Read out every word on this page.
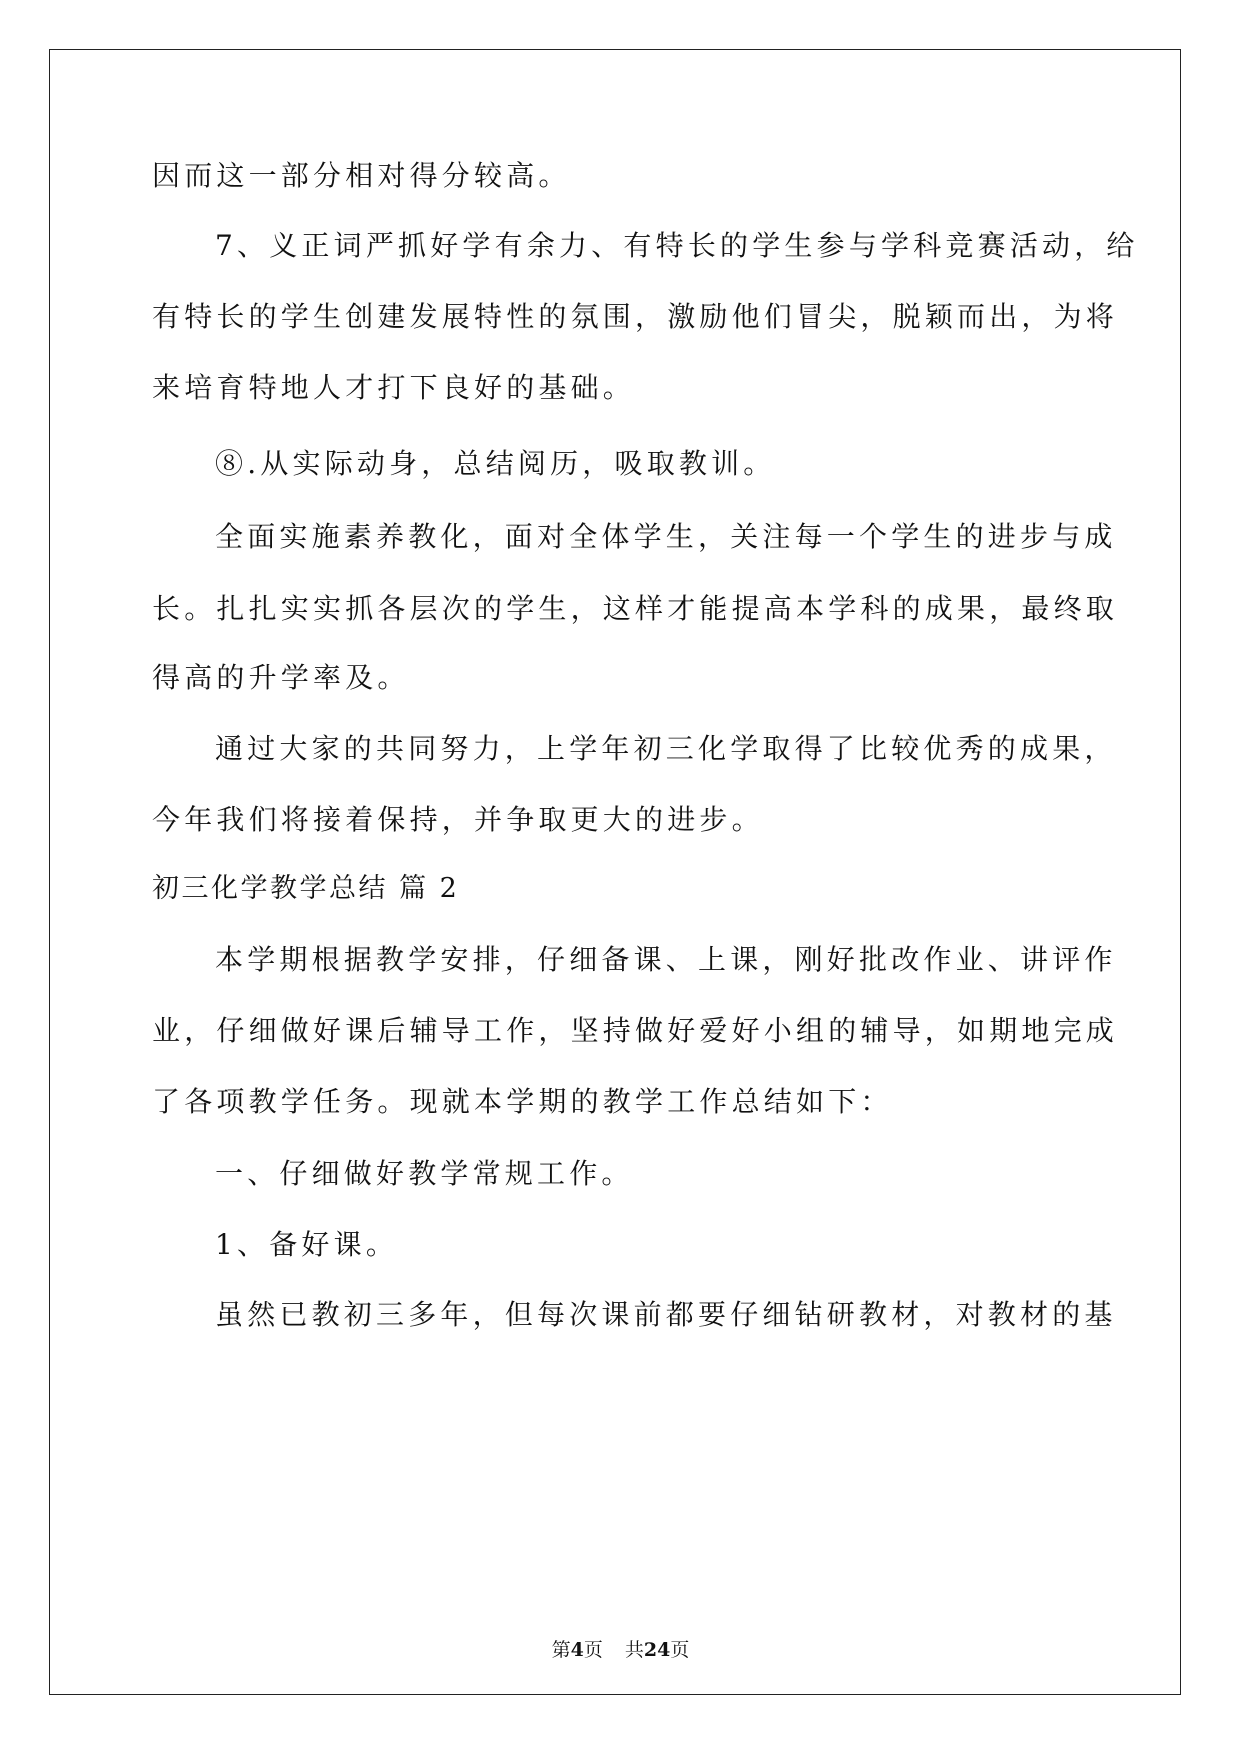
因而这一部分相对得分较高。

7、义正词严抓好学有余力、有特长的学生参与学科竞赛活动，给

有特长的学生创建发展特性的氛围，激励他们冒尖，脱颖而出，为将

来培育特地人才打下良好的基础。

⑧.从实际动身，总结阅历，吸取教训。

全面实施素养教化，面对全体学生，关注每一个学生的进步与成

长。扎扎实实抓各层次的学生，这样才能提高本学科的成果，最终取

得高的升学率及。

通过大家的共同努力，上学年初三化学取得了比较优秀的成果，

今年我们将接着保持，并争取更大的进步。

初三化学教学总结 篇 2

本学期根据教学安排，仔细备课、上课，刚好批改作业、讲评作

业，仔细做好课后辅导工作，坚持做好爱好小组的辅导，如期地完成

了各项教学任务。现就本学期的教学工作总结如下：

一、仔细做好教学常规工作。

1、备好课。

虽然已教初三多年，但每次课前都要仔细钻研教材，对教材的基

第4页 共24页
